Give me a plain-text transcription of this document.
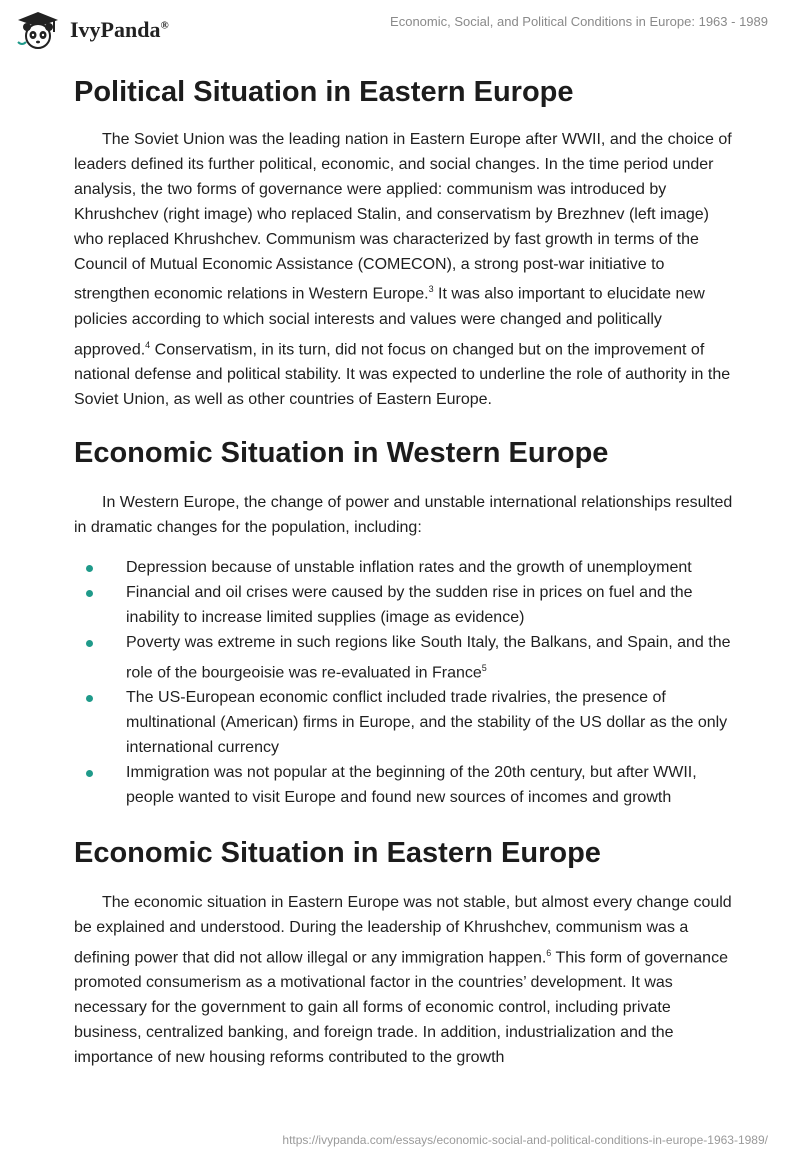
IvyPanda®	Economic, Social, and Political Conditions in Europe: 1963 - 1989
Political Situation in Eastern Europe

The Soviet Union was the leading nation in Eastern Europe after WWII, and the choice of leaders defined its further political, economic, and social changes. In the time period under analysis, the two forms of governance were applied: communism was introduced by Khrushchev (right image) who replaced Stalin, and conservatism by Brezhnev (left image) who replaced Khrushchev. Communism was characterized by fast growth in terms of the Council of Mutual Economic Assistance (COMECON), a strong post-war initiative to strengthen economic relations in Western Europe.$^3$ It was also important to elucidate new policies according to which social interests and values were changed and politically approved.$^4$ Conservatism, in its turn, did not focus on changed but on the improvement of national defense and political stability. It was expected to underline the role of authority in the Soviet Union, as well as other countries of Eastern Europe.

Economic Situation in Western Europe

In Western Europe, the change of power and unstable international relationships resulted in dramatic changes for the population, including:

Depression because of unstable inflation rates and the growth of unemployment
Financial and oil crises were caused by the sudden rise in prices on fuel and the inability to increase limited supplies (image as evidence)
Poverty was extreme in such regions like South Italy, the Balkans, and Spain, and the role of the bourgeoisie was re-evaluated in France$^5$
The US-European economic conflict included trade rivalries, the presence of multinational (American) firms in Europe, and the stability of the US dollar as the only international currency
Immigration was not popular at the beginning of the 20th century, but after WWII, people wanted to visit Europe and found new sources of incomes and growth
Economic Situation in Eastern Europe

The economic situation in Eastern Europe was not stable, but almost every change could be explained and understood. During the leadership of Khrushchev, communism was a defining power that did not allow illegal or any immigration happen.$^6$ This form of governance promoted consumerism as a motivational factor in the countries’ development. It was necessary for the government to gain all forms of economic control, including private business, centralized banking, and foreign trade. In addition, industrialization and the importance of new housing reforms contributed to the growth

https://ivypanda.com/essays/economic-social-and-political-conditions-in-europe-1963-1989/
